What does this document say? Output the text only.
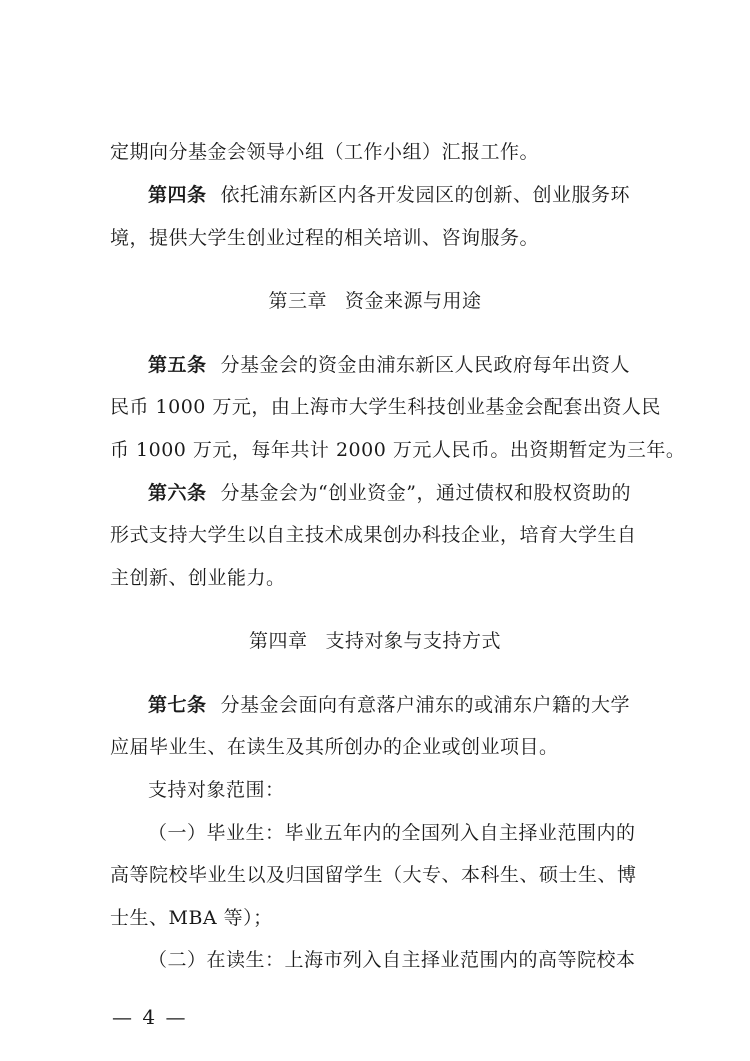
定期向分基金会领导小组（工作小组）汇报工作。
第四条 依托浦东新区内各开发园区的创新、创业服务环
境，提供大学生创业过程的相关培训、咨询服务。
第三章 资金来源与用途
第五条 分基金会的资金由浦东新区人民政府每年出资人
民币 1000 万元，由上海市大学生科技创业基金会配套出资人民
币 1000 万元，每年共计 2000 万元人民币。出资期暂定为三年。
第六条 分基金会为“创业资金”，通过债权和股权资助的
形式支持大学生以自主技术成果创办科技企业，培育大学生自
主创新、创业能力。
第四章 支持对象与支持方式
第七条 分基金会面向有意落户浦东的或浦东户籍的大学
应届毕业生、在读生及其所创办的企业或创业项目。
支持对象范围：
（一）毕业生：毕业五年内的全国列入自主择业范围内的
高等院校毕业生以及归国留学生（大专、本科生、硕士生、博
士生、MBA 等）；
（二）在读生：上海市列入自主择业范围内的高等院校本
— 4 —
